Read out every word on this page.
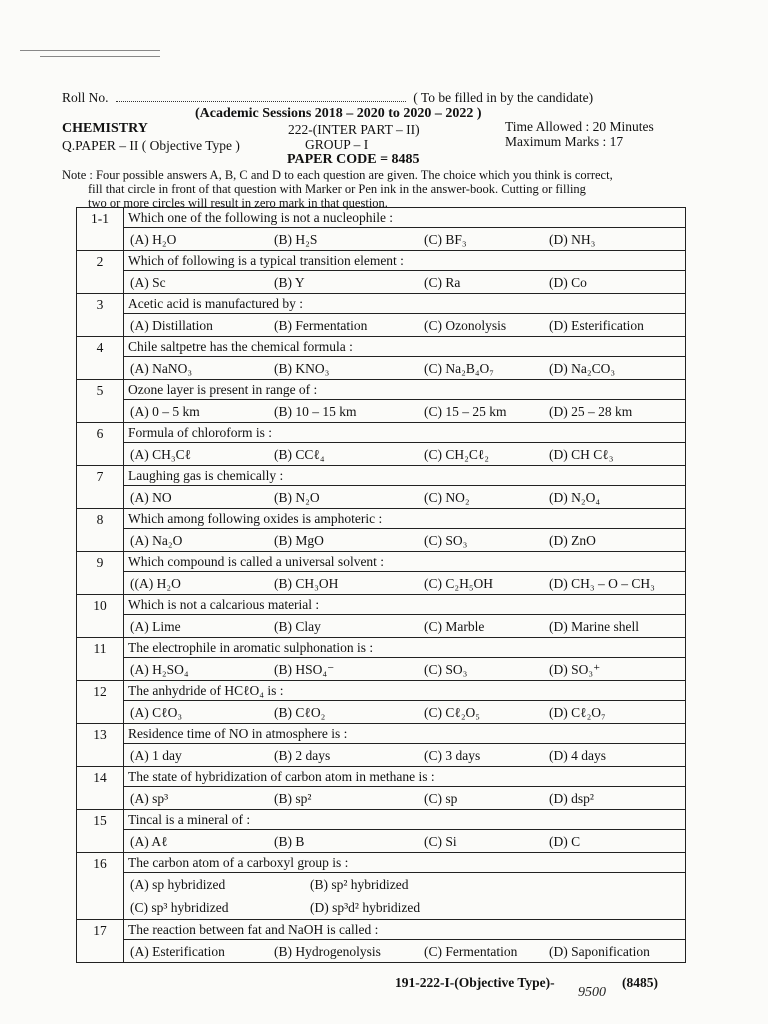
Roll No.	( To be filled in by the candidate)
(Academic Sessions 2018 – 2020 to 2020 – 2022 )
CHEMISTRY
Q.PAPER – II ( Objective Type )
222-(INTER PART – II)
GROUP – I
PAPER CODE = 8485
Time Allowed : 20 Minutes
Maximum Marks : 17
Note : Four possible answers A, B, C and D to each question are given. The choice which you think is correct,
fill that circle in front of that question with Marker or Pen ink in the answer-book. Cutting or filling
two or more circles will result in zero mark in that question.
1-1	Which one of the following is not a nucleophile :
(A) H₂O (B) H₂S (C) BF₃ (D) NH₃

2	Which of following is a typical transition element :
(A) Sc (B) Y (C) Ra (D) Co

3	Acetic acid is manufactured by :
(A) Distillation (B) Fermentation (C) Ozonolysis (D) Esterification

4	Chile saltpetre has the chemical formula :
(A) NaNO₃ (B) KNO₃ (C) Na₂B₄O₇ (D) Na₂CO₃

5	Ozone layer is present in range of :
(A) 0 – 5 km (B) 10 – 15 km (C) 15 – 25 km (D) 25 – 28 km

6	Formula of chloroform is :
(A) CH₃Cℓ (B) CCℓ₄ (C) CH₂Cℓ₂ (D) CH Cℓ₃

7	Laughing gas is chemically :
(A) NO (B) N₂O (C) NO₂ (D) N₂O₄

8	Which among following oxides is amphoteric :
(A) Na₂O (B) MgO (C) SO₃ (D) ZnO

9	Which compound is called a universal solvent :
((A) H₂O (B) CH₃OH (C) C₂H₅OH (D) CH₃ – O – CH₃

10	Which is not a calcarious material :
(A) Lime (B) Clay (C) Marble (D) Marine shell

11	The electrophile in aromatic sulphonation is :
(A) H₂SO₄ (B) HSO₄⁻ (C) SO₃ (D) SO₃⁺

12	The anhydride of HCℓO₄ is :
(A) CℓO₃ (B) CℓO₂ (C) Cℓ₂O₅ (D) Cℓ₂O₇

13	Residence time of NO in atmosphere is :
(A) 1 day (B) 2 days (C) 3 days (D) 4 days

14	The state of hybridization of carbon atom in methane is :
(A) sp³ (B) sp² (C) sp (D) dsp²

15	Tincal is a mineral of :
(A) Aℓ (B) B (C) Si (D) C

16	The carbon atom of a carboxyl group is :
(A) sp hybridized (B) sp² hybridized
(C) sp³ hybridized (D) sp³d² hybridized

17	The reaction between fat and NaOH is called :
(A) Esterification (B) Hydrogenolysis (C) Fermentation (D) Saponification
191-222-I-(Objective Type)-	(8485)
9500
